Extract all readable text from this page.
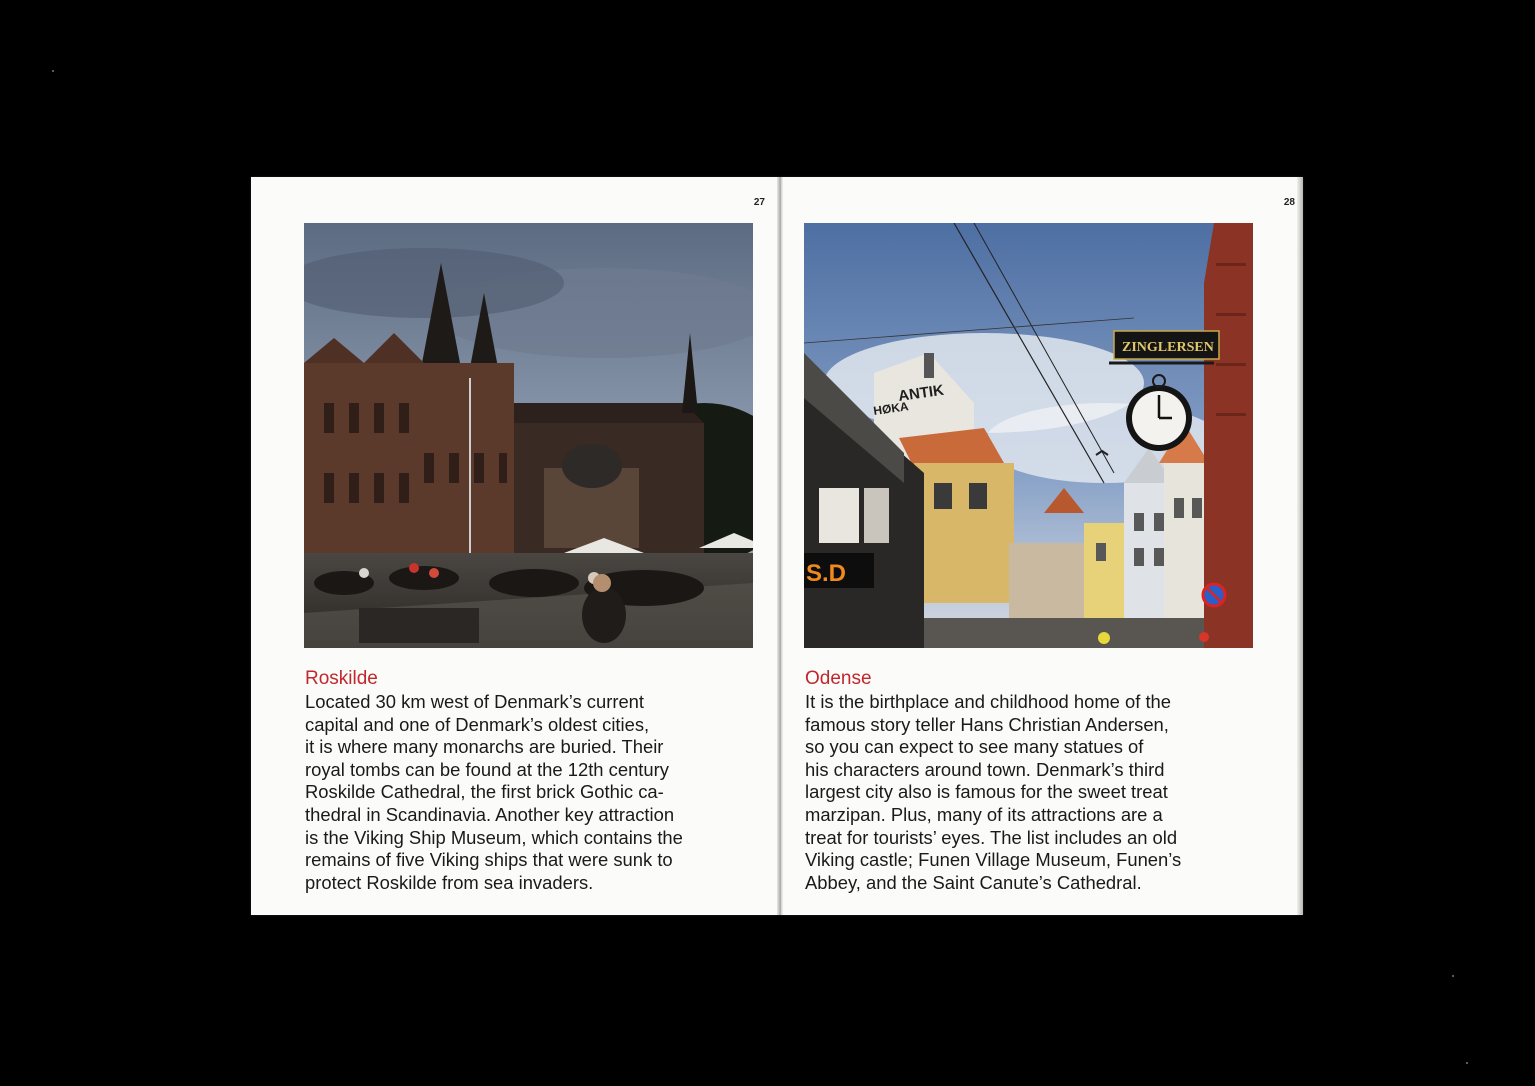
27
Roskilde

Located 30 km west of Denmark’s current
capital and one of Denmark’s oldest cities,
it is where many monarchs are buried. Their
royal tombs can be found at the 12th century
Roskilde Cathedral, the first brick Gothic ca-
thedral in Scandinavia. Another key attraction
is the Viking Ship Museum, which contains the
remains of five Viking ships that were sunk to
protect Roskilde from sea invaders.

28
ANTIK
HØKA
S.D
ZINGLERSEN
Odense

It is the birthplace and childhood home of the
famous story teller Hans Christian Andersen,
so you can expect to see many statues of
his characters around town. Denmark’s third
largest city also is famous for the sweet treat
marzipan. Plus, many of its attractions are a
treat for tourists’ eyes. The list includes an old
Viking castle; Funen Village Museum, Funen’s
Abbey, and the Saint Canute’s Cathedral.
